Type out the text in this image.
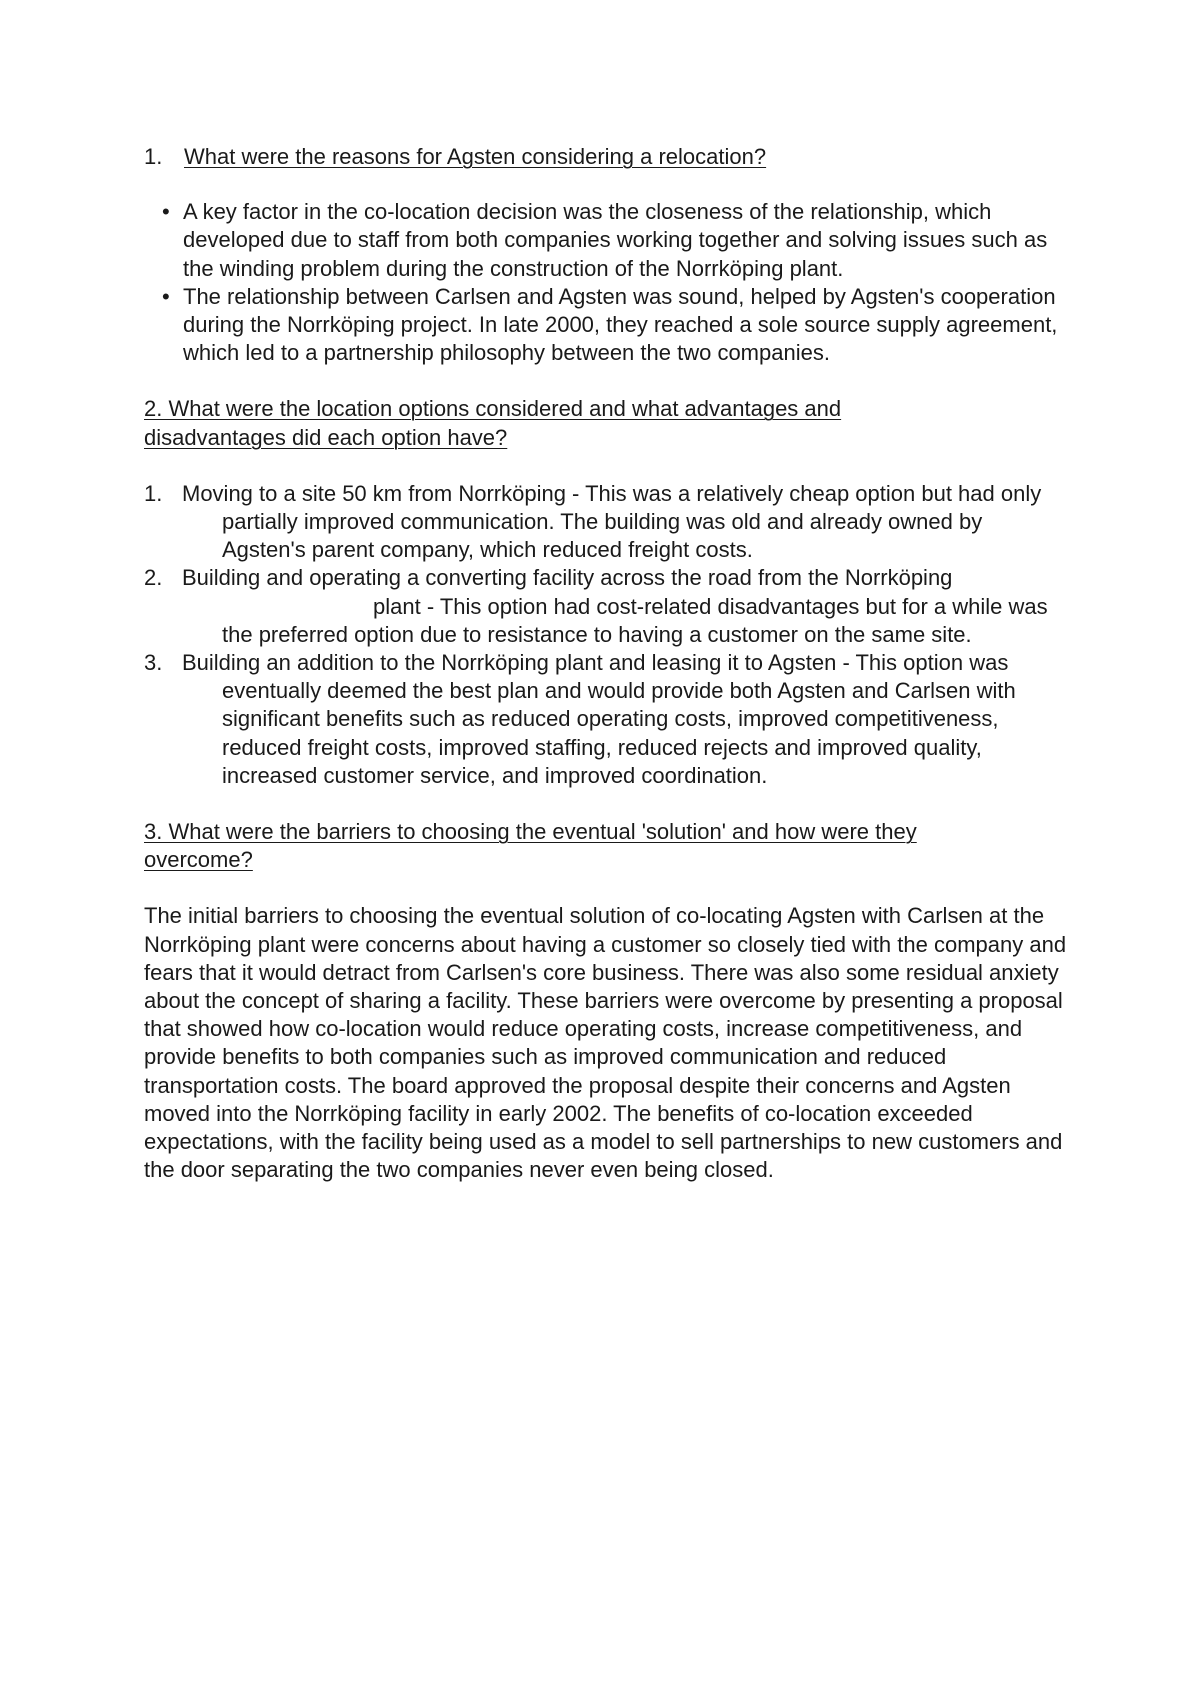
1. What were the reasons for Agsten considering a relocation?
• A key factor in the co-location decision was the closeness of the relationship, which developed due to staff from both companies working together and solving issues such as the winding problem during the construction of the Norrköping plant.
• The relationship between Carlsen and Agsten was sound, helped by Agsten's cooperation during the Norrköping project. In late 2000, they reached a sole source supply agreement, which led to a partnership philosophy between the two companies.
2. What were the location options considered and what advantages and disadvantages did each option have?
1. Moving to a site 50 km from Norrköping - This was a relatively cheap option but had only partially improved communication. The building was old and already owned by Agsten's parent company, which reduced freight costs.
2. Building and operating a converting facility across the road from the Norrköping
plant - This option had cost-related disadvantages but for a while was the preferred option due to resistance to having a customer on the same site.
3. Building an addition to the Norrköping plant and leasing it to Agsten - This option was eventually deemed the best plan and would provide both Agsten and Carlsen with significant benefits such as reduced operating costs, improved competitiveness, reduced freight costs, improved staffing, reduced rejects and improved quality, increased customer service, and improved coordination.
3. What were the barriers to choosing the eventual 'solution' and how were they overcome?

The initial barriers to choosing the eventual solution of co-locating Agsten with Carlsen at the Norrköping plant were concerns about having a customer so closely tied with the company and fears that it would detract from Carlsen's core business. There was also some residual anxiety about the concept of sharing a facility. These barriers were overcome by presenting a proposal that showed how co-location would reduce operating costs, increase competitiveness, and provide benefits to both companies such as improved communication and reduced transportation costs. The board approved the proposal despite their concerns and Agsten moved into the Norrköping facility in early 2002. The benefits of co-location exceeded expectations, with the facility being used as a model to sell partnerships to new customers and the door separating the two companies never even being closed.
